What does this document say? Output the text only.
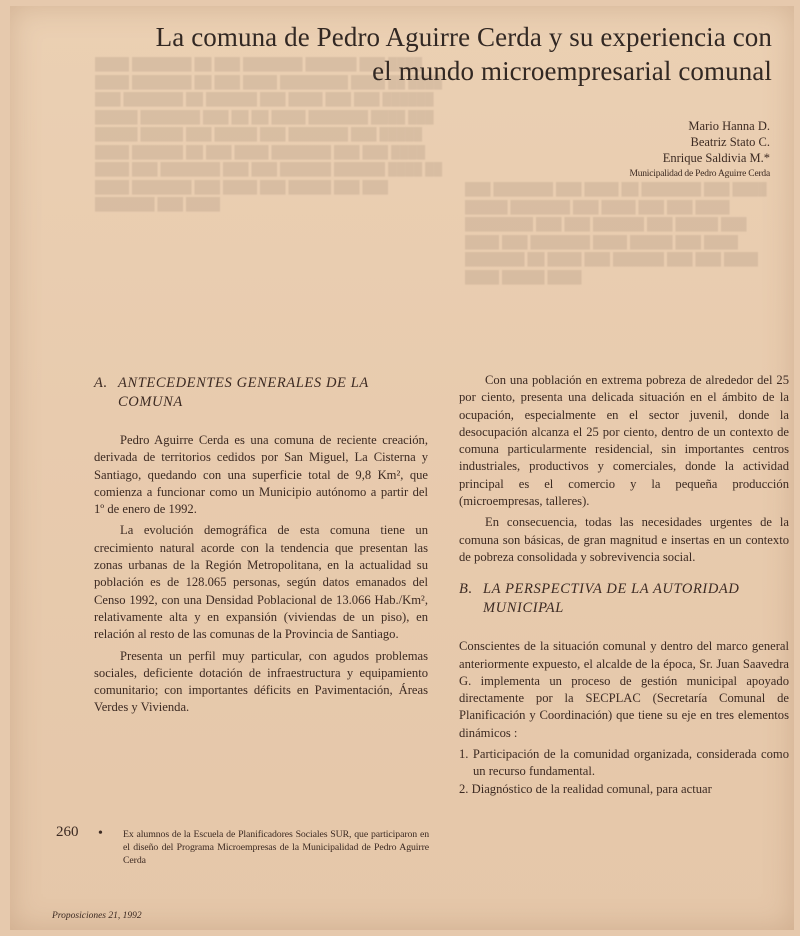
████ ███████ ██ ███ ███████ ██████ ███ ████ ████ ███████ ██ ███ ████ ████████ ████ ██ ████ ███ ███████ ██ ██████ ███ ████ ███ ███ ██████ █████ ███████ ███ ██ ██ ████ ███████ ████ ███ █████ █████ ███ █████ ███ ███████ ███ █████ ████ ██████ ██ ███ ████ ███████ ███ ███ ████ ████ ███ ███████ ███ ███ ██████ ██████ ████ ██ ████ ███████ ███ ████ ███ █████ ███ ███ ███████ ███ ████
███ ███████ ███ ████ ██ ███████ ███ ████ █████ ███████ ███ ████ ███ ███ ████ ████████ ███ ███ ██████ ███ █████ ███ ████ ███ ███████ ████ █████ ███ ████ ███████ ██ ████ ███ ██████ ███ ███ ████ ████ █████ ████
La comuna de Pedro Aguirre Cerda y su experiencia con
el mundo microempresarial comunal
Mario Hanna D.
Beatriz Stato C.
Enrique Saldivia M.*
Municipalidad de Pedro Aguirre Cerda
A. ANTECEDENTES GENERALES DE LA
COMUNA

Pedro Aguirre Cerda es una comuna de reciente creación, derivada de territorios cedidos por San Miguel, La Cisterna y Santiago, quedando con una superficie total de 9,8 Km², que comienza a funcionar como un Municipio autónomo a partir del 1º de enero de 1992.

La evolución demográfica de esta comuna tiene un crecimiento natural acorde con la tendencia que presentan las zonas urbanas de la Región Metropolitana, en la actualidad su población es de 128.065 personas, según datos emanados del Censo 1992, con una Densidad Poblacional de 13.066 Hab./Km², relativamente alta y en expansión (viviendas de un piso), en relación al resto de las comunas de la Provincia de Santiago.

Presenta un perfil muy particular, con agudos problemas sociales, deficiente dotación de infraestructura y equipamiento comunitario; con importantes déficits en Pavimentación, Áreas Verdes y Vivienda.

Con una población en extrema pobreza de alrededor del 25 por ciento, presenta una delicada situación en el ámbito de la ocupación, especialmente en el sector juvenil, donde la desocupación alcanza el 25 por ciento, dentro de un contexto de comuna particularmente residencial, sin importantes centros industriales, productivos y comerciales, donde la actividad principal es el comercio y la pequeña producción (microempresas, talleres).

En consecuencia, todas las necesidades urgentes de la comuna son básicas, de gran magnitud e insertas en un contexto de pobreza consolidada y sobrevivencia social.

B. LA PERSPECTIVA DE LA AUTORIDAD
MUNICIPAL

Conscientes de la situación comunal y dentro del marco general anteriormente expuesto, el alcalde de la época, Sr. Juan Saavedra G. implementa un proceso de gestión municipal apoyado directamente por la SECPLAC (Secretaría Comunal de Planificación y Coordinación) que tiene su eje en tres elementos dinámicos :

1. Participación de la comunidad organizada, considerada como un recurso fundamental.
2. Diagnóstico de la realidad comunal, para actuar
260 • Ex alumnos de la Escuela de Planificadores Sociales SUR, que participaron en el diseño del Programa Microempresas de la Municipalidad de Pedro Aguirre Cerda
Proposiciones 21, 1992
